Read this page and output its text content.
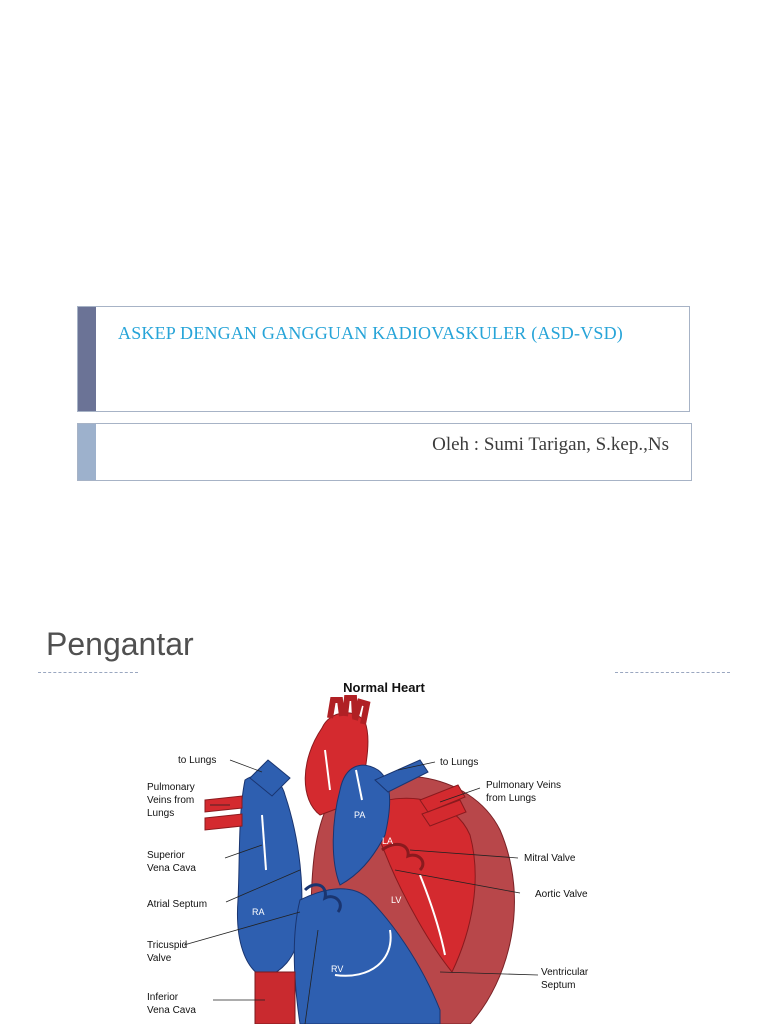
ASKEP DENGAN GANGGUAN KADIOVASKULER (ASD-VSD)

Oleh : Sumi Tarigan, S.kep.,Ns

Pengantar

Normal Heart

AO
PA
LA
LV
RA
RV
to Lungs
Pulmonary
Veins from
Lungs
Superior
Vena Cava
Atrial Septum
Tricuspid
Valve
Inferior
Vena Cava
to Lungs
Pulmonary Veins
from Lungs
Mitral Valve
Aortic Valve
Ventricular
Septum
